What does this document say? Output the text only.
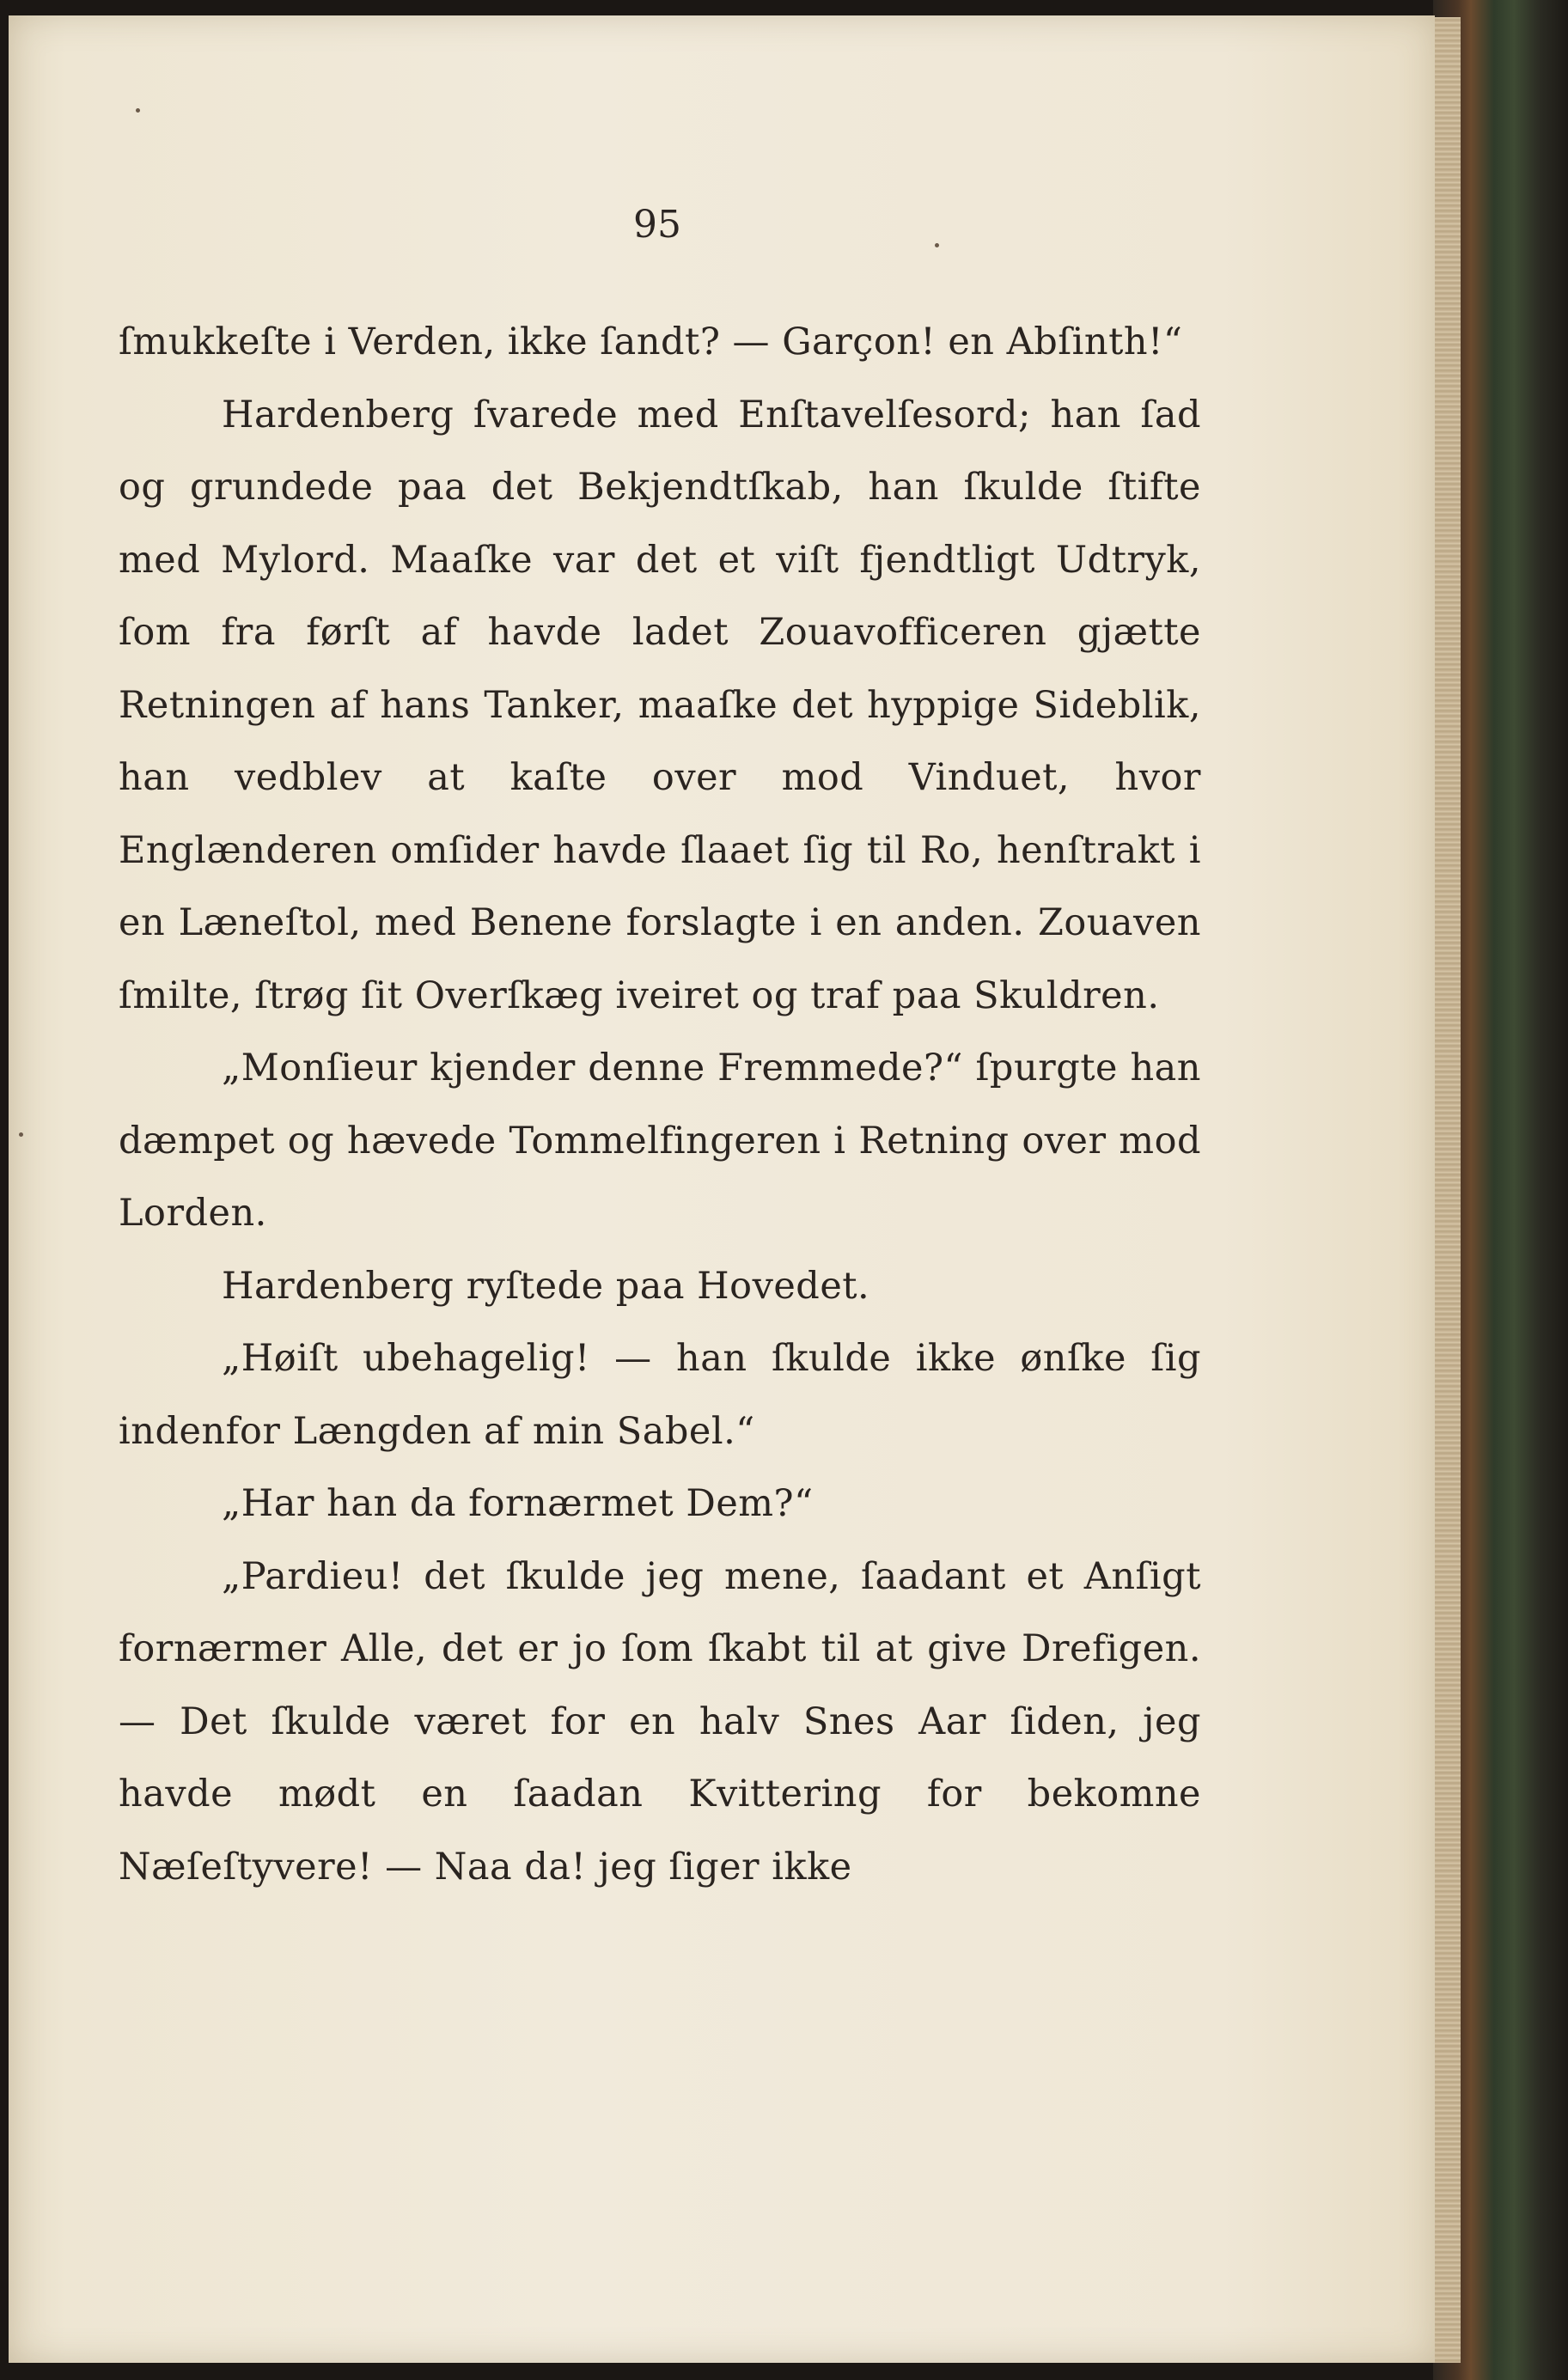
95

ſmukkeſte i Verden, ikke ſandt? — Garçon! en Abſinth!“

Hardenberg ſvarede med Enſtavelſesord; han ſad og grundede paa det Bekjendtſkab, han ſkulde ſtifte med Mylord. Maaſke var det et viſt fjendtligt Udtryk, ſom fra førſt af havde ladet Zouavofficeren gjætte Retningen af hans Tanker, maaſke det hyppige Sideblik, han vedblev at kaſte over mod Vinduet, hvor Englænderen omſider havde ſlaaet ſig til Ro, henſtrakt i en Læneſtol, med Benene forslagte i en anden. Zouaven ſmilte, ſtrøg ſit Overſkæg iveiret og traf paa Skuldren.

„Monſieur kjender denne Fremmede?“ ſpurgte han dæmpet og hævede Tommelfingeren i Retning over mod Lorden.

Hardenberg ryſtede paa Hovedet.

„Høiſt ubehagelig! — han ſkulde ikke ønſke ſig indenfor Længden af min Sabel.“

„Har han da fornærmet Dem?“

„Pardieu! det ſkulde jeg mene, ſaadant et Anſigt fornærmer Alle, det er jo ſom ſkabt til at give Drefigen. — Det ſkulde været for en halv Snes Aar ſiden, jeg havde mødt en ſaadan Kvittering for bekomne Næſeſtyvere! — Naa da! jeg ſiger ikke
